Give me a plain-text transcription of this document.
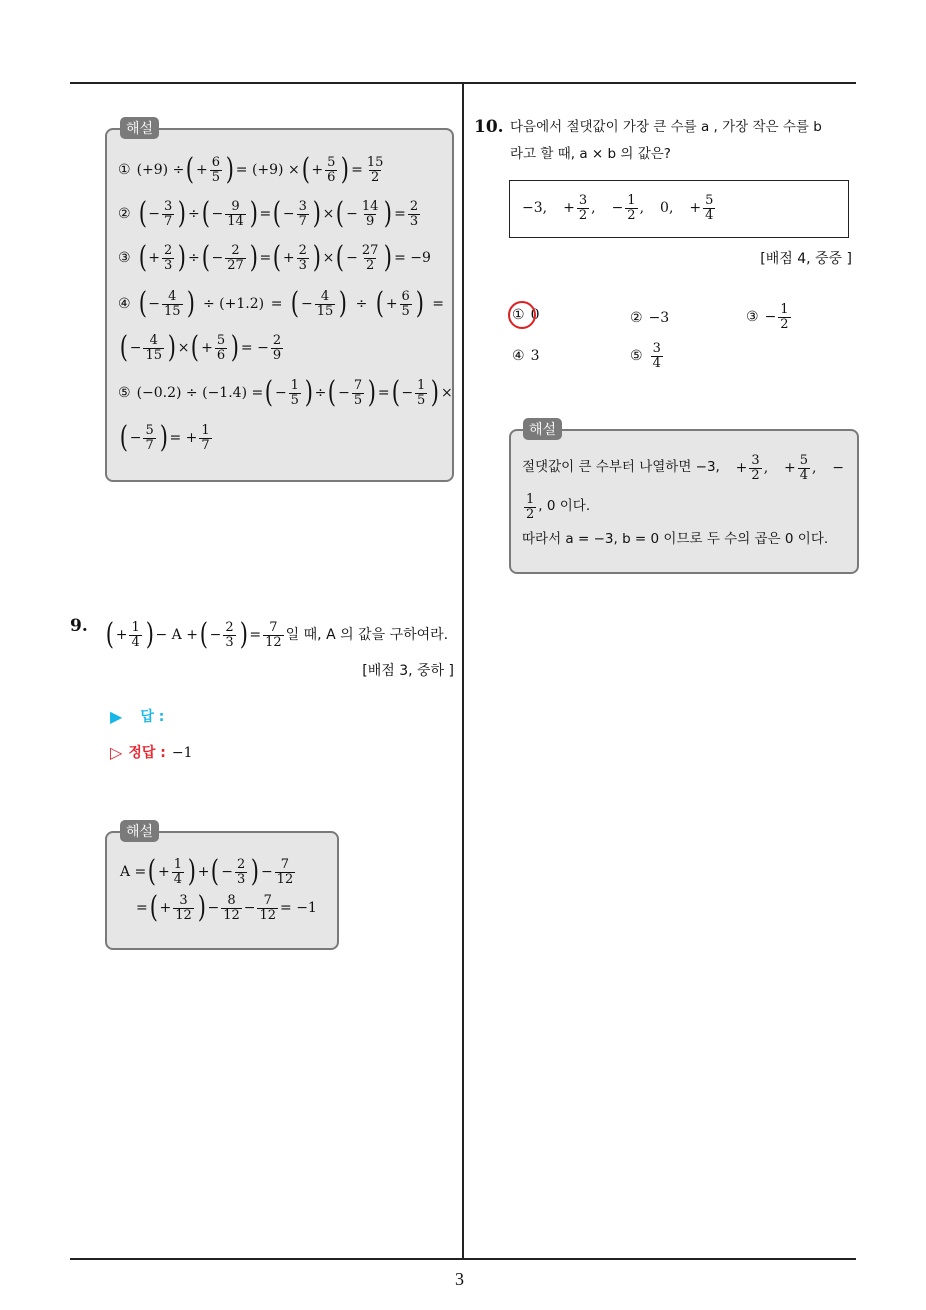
3
해설
① (+9) ÷ ( + $\frac{6}{5}$ ) = (+9) × ( + $\frac{5}{6}$ ) = $\frac{15}{2}$
② ( − $\frac{3}{7}$ ) ÷ ( − $\frac{9}{14}$ ) = ( − $\frac{3}{7}$ ) × ( − $\frac{14}{9}$ ) = $\frac{2}{3}$
③ ( + $\frac{2}{3}$ ) ÷ ( − $\frac{2}{27}$ ) = ( + $\frac{2}{3}$ ) × ( − $\frac{27}{2}$ ) = −9
④ ( − $\frac{4}{15}$ ) ÷ (+1.2) = ( − $\frac{4}{15}$ ) ÷ ( + $\frac{6}{5}$ ) =
( − $\frac{4}{15}$ ) × ( + $\frac{5}{6}$ ) = − $\frac{2}{9}$
⑤ (−0.2) ÷ (−1.4) = ( − $\frac{1}{5}$ ) ÷ ( − $\frac{7}{5}$ ) = ( − $\frac{1}{5}$ ) ×
( − $\frac{5}{7}$ ) = + $\frac{1}{7}$
9. ( + $\frac{1}{4}$ ) − A + ( − $\frac{2}{3}$ ) = $\frac{7}{12}$ 일 때, A 의 값을 구하여라.
[배점 3, 중하 ]
▶ 답 :
▷ 정답 : −1
해설
A = ( + $\frac{1}{4}$ ) + ( − $\frac{2}{3}$ ) − $\frac{7}{12}$
= ( + $\frac{3}{12}$ ) − $\frac{8}{12} - \frac{7}{12} = -1$
10. 다음에서 절댓값이 가장 큰 수를 a , 가장 작은 수를 b
라고 할 때, a × b 의 값은?
−3, + $\frac{3}{2}$ , − $\frac{1}{2}$ , 0, + $\frac{5}{4}$
[배점 4, 중중 ]
① 0	② −3	③ − $\frac{1}{2}$
④ 3	⑤ $\frac{3}{4}$
해설
절댓값이 큰 수부터 나열하면 −3, + $\frac{3}{2}$ , + $\frac{5}{4}$ , −
$\frac{1}{2}$ , 0 이다.
따라서 a = −3, b = 0 이므로 두 수의 곱은 0 이다.
